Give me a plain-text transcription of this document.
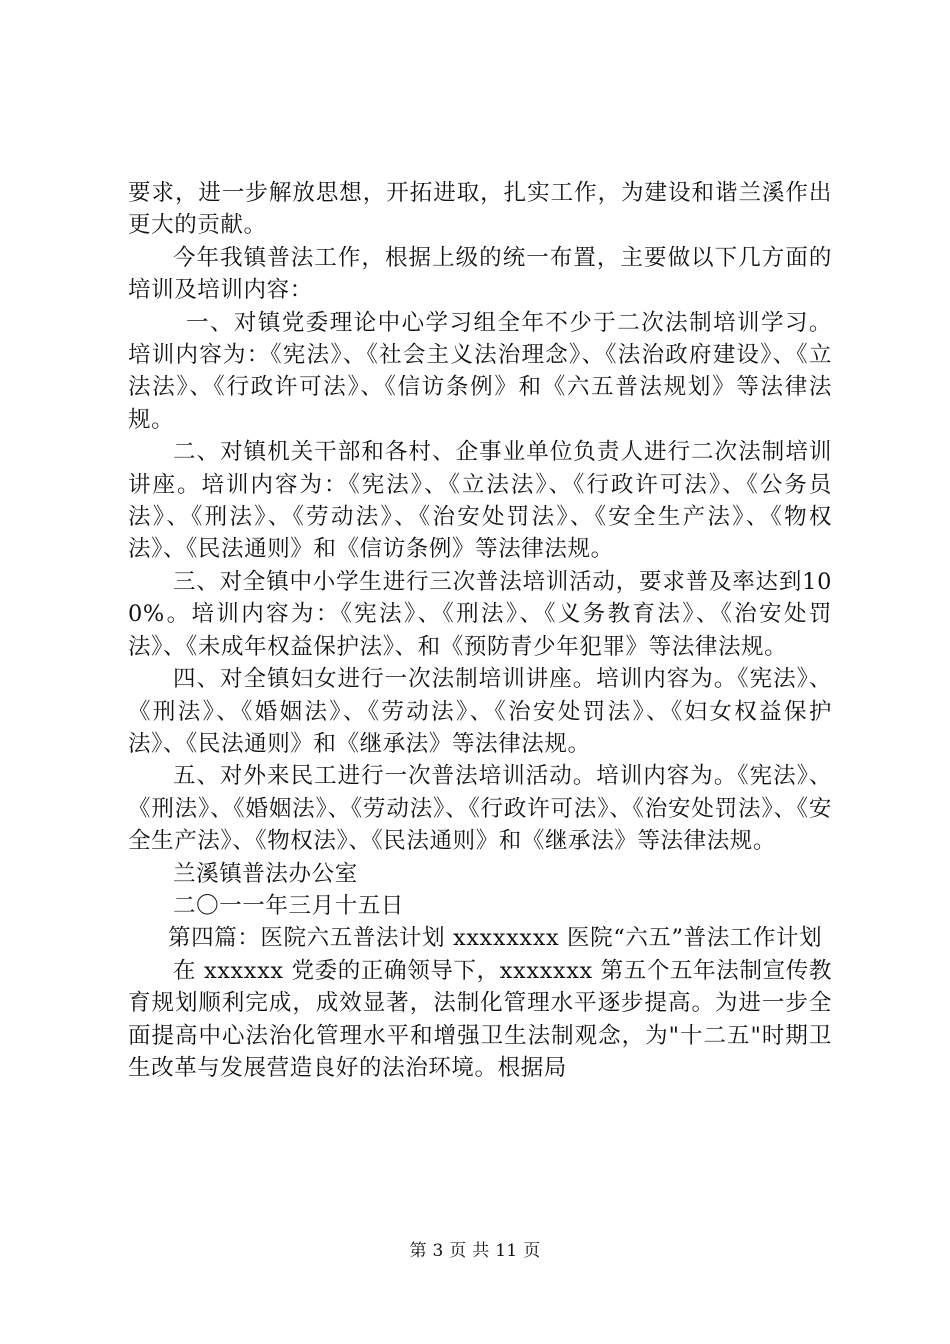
要求，进一步解放思想，开拓进取，扎实工作，为建设和谐兰溪作出更大的贡献。

今年我镇普法工作，根据上级的统一布置，主要做以下几方面的培训及培训内容：

一、对镇党委理论中心学习组全年不少于二次法制培训学习。培训内容为：《宪法》、《社会主义法治理念》、《法治政府建设》、《立法法》、《行政许可法》、《信访条例》和《六五普法规划》等法律法规。

二、对镇机关干部和各村、企事业单位负责人进行二次法制培训讲座。培训内容为：《宪法》、《立法法》、《行政许可法》、《公务员法》、《刑法》、《劳动法》、《治安处罚法》、《安全生产法》、《物权法》、《民法通则》和《信访条例》等法律法规。

三、对全镇中小学生进行三次普法培训活动，要求普及率达到100%。培训内容为：《宪法》、《刑法》、《义务教育法》、《治安处罚法》、《未成年权益保护法》、和《预防青少年犯罪》等法律法规。

四、对全镇妇女进行一次法制培训讲座。培训内容为。《宪法》、《刑法》、《婚姻法》、《劳动法》、《治安处罚法》、《妇女权益保护法》、《民法通则》和《继承法》等法律法规。

五、对外来民工进行一次普法培训活动。培训内容为。《宪法》、《刑法》、《婚姻法》、《劳动法》、《行政许可法》、《治安处罚法》、《安全生产法》、《物权法》、《民法通则》和《继承法》等法律法规。

兰溪镇普法办公室

二〇一一年三月十五日

第四篇：医院六五普法计划 xxxxxxxx 医院“六五”普法工作计划

在 xxxxxx 党委的正确领导下，xxxxxxx 第五个五年法制宣传教育规划顺利完成，成效显著，法制化管理水平逐步提高。为进一步全面提高中心法治化管理水平和增强卫生法制观念，为"十二五"时期卫生改革与发展营造良好的法治环境。根据局

第 3 页 共 11 页
